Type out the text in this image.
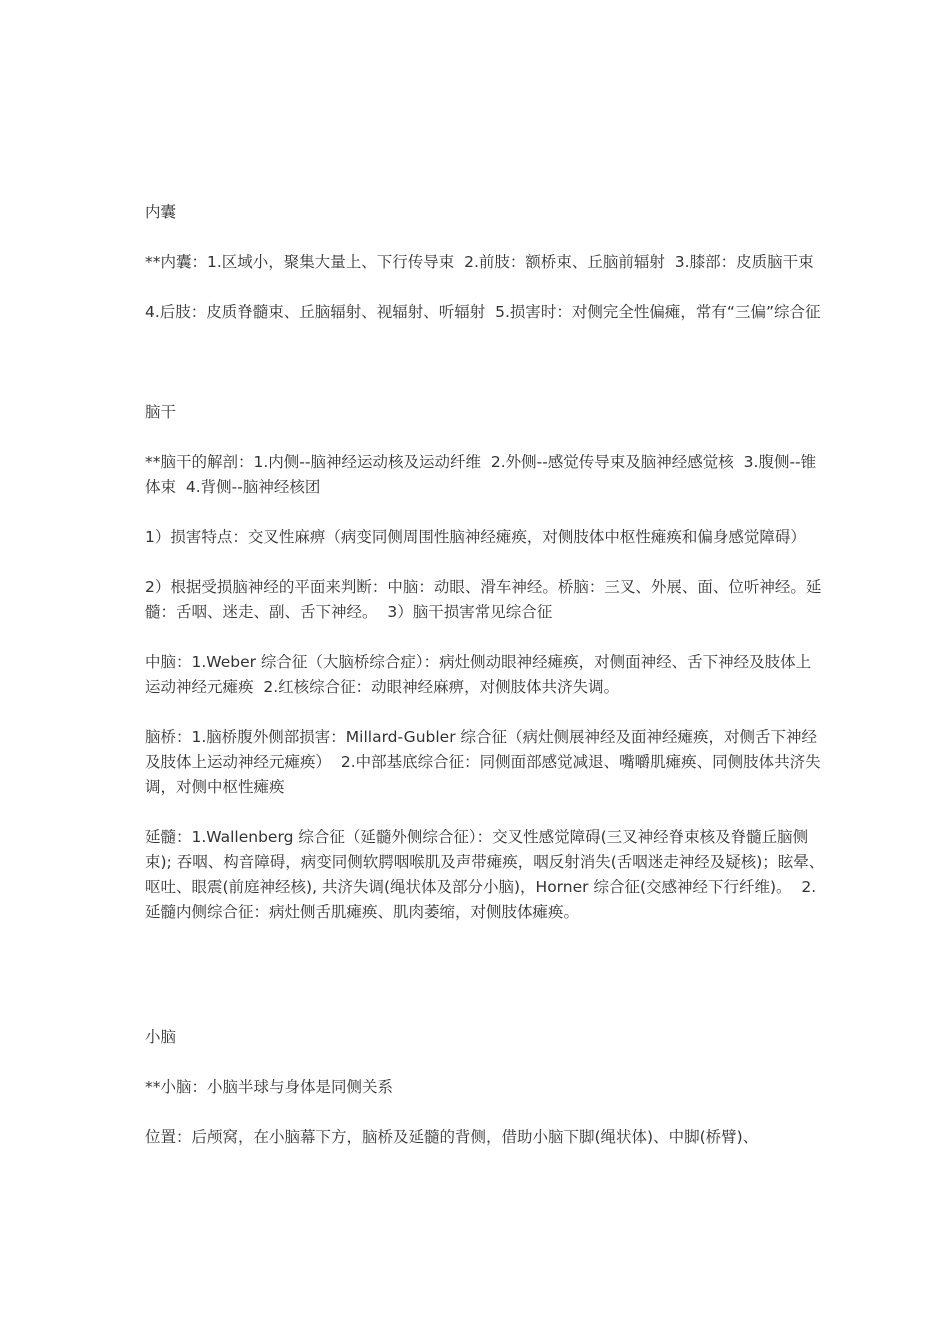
内囊

**内囊：1.区域小，聚集大量上、下行传导束  2.前肢：额桥束、丘脑前辐射  3.膝部：皮质脑干束

4.后肢：皮质脊髓束、丘脑辐射、视辐射、听辐射  5.损害时：对侧完全性偏瘫，常有“三偏”综合征

脑干

**脑干的解剖：1.内侧--脑神经运动核及运动纤维  2.外侧--感觉传导束及脑神经感觉核  3.腹侧--锥体束  4.背侧--脑神经核团

1）损害特点：交叉性麻痹（病变同侧周围性脑神经瘫痪，对侧肢体中枢性瘫痪和偏身感觉障碍）

2）根据受损脑神经的平面来判断：中脑：动眼、滑车神经。桥脑：三叉、外展、面、位听神经。延髓：舌咽、迷走、副、舌下神经。  3）脑干损害常见综合征

中脑：1.Weber 综合征（大脑桥综合症）：病灶侧动眼神经瘫痪，对侧面神经、舌下神经及肢体上运动神经元瘫痪  2.红核综合征：动眼神经麻痹，对侧肢体共济失调。

脑桥：1.脑桥腹外侧部损害：Millard-Gubler 综合征（病灶侧展神经及面神经瘫痪，对侧舌下神经及肢体上运动神经元瘫痪）  2.中部基底综合征：同侧面部感觉减退、嘴嚼肌瘫痪、同侧肢体共济失调，对侧中枢性瘫痪

延髓：1.Wallenberg 综合征（延髓外侧综合征）：交叉性感觉障碍(三叉神经脊束核及脊髓丘脑侧束); 吞咽、构音障碍，病变同侧软腭咽喉肌及声带瘫痪，咽反射消失(舌咽迷走神经及疑核)；眩晕、呕吐、眼震(前庭神经核), 共济失调(绳状体及部分小脑)，Horner 综合征(交感神经下行纤维)。  2.延髓内侧综合征：病灶侧舌肌瘫痪、肌肉萎缩，对侧肢体瘫痪。

小脑

**小脑：小脑半球与身体是同侧关系

位置：后颅窝，在小脑幕下方，脑桥及延髓的背侧，借助小脑下脚(绳状体)、中脚(桥臂)、
